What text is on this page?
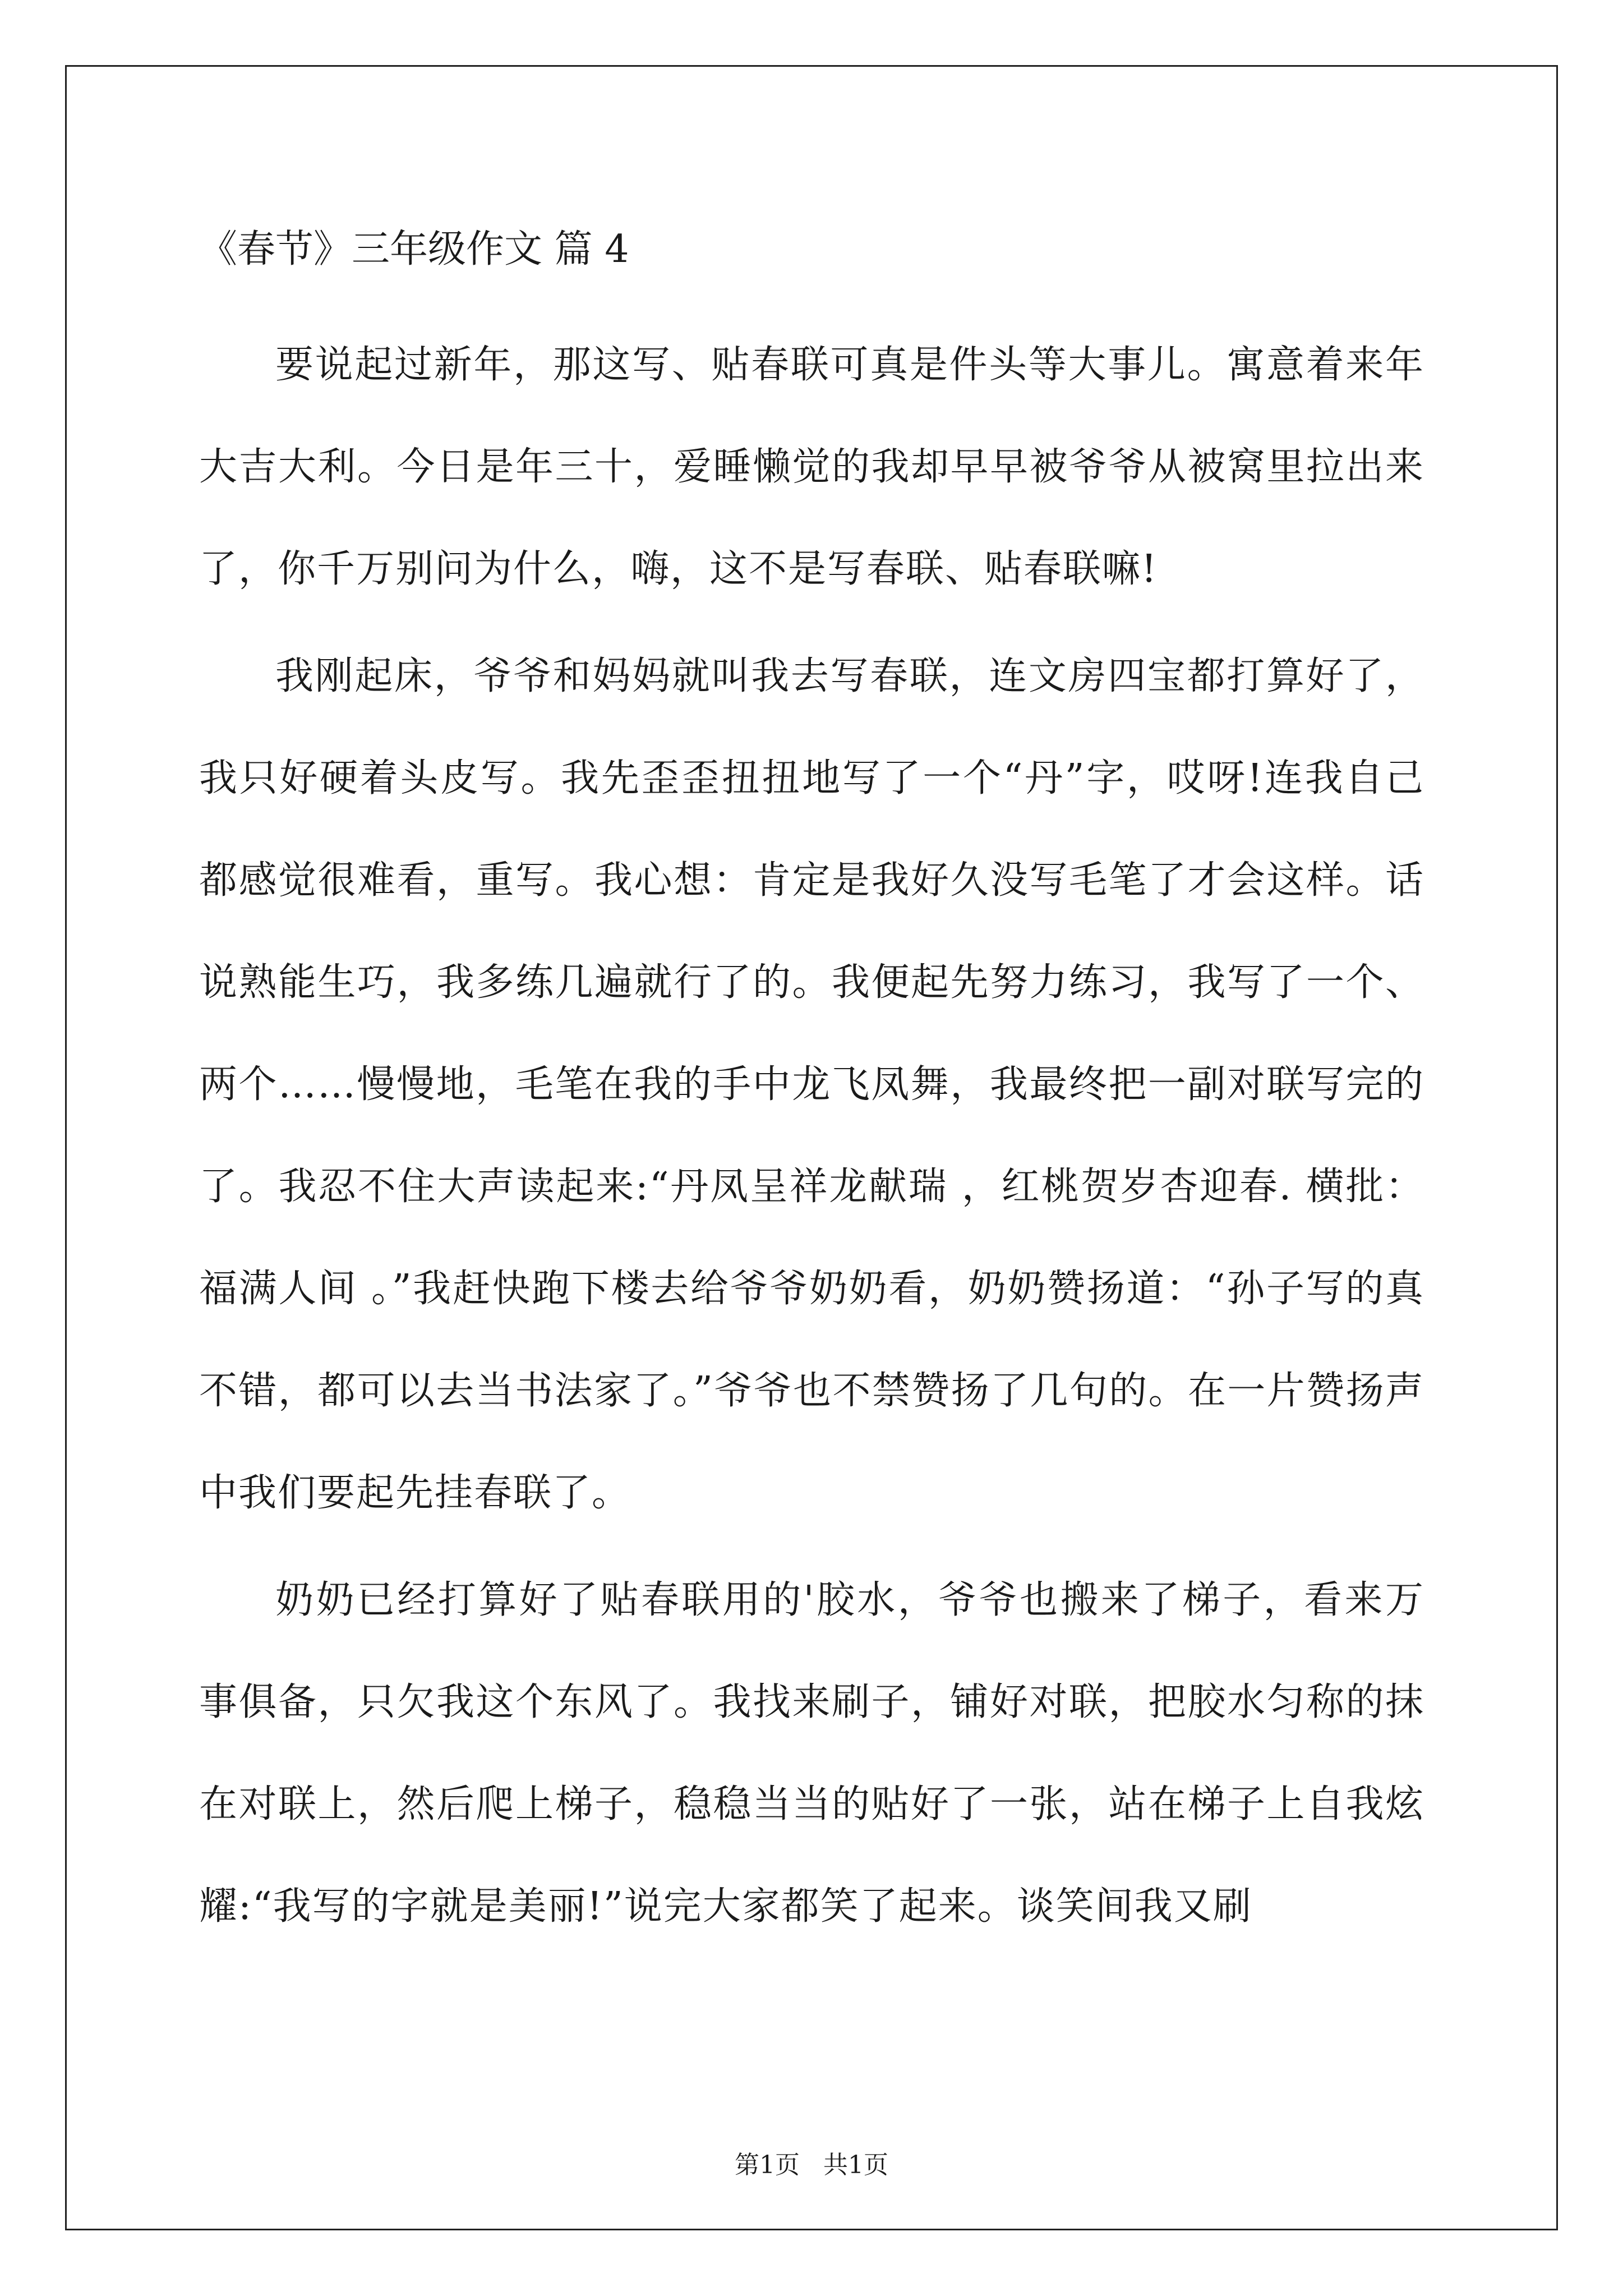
《春节》三年级作文 篇 4

要说起过新年，那这写、贴春联可真是件头等大事儿。寓意着来年大吉大利。今日是年三十，爱睡懒觉的我却早早被爷爷从被窝里拉出来了，你千万别问为什么，嗨，这不是写春联、贴春联嘛!

我刚起床，爷爷和妈妈就叫我去写春联，连文房四宝都打算好了，我只好硬着头皮写。我先歪歪扭扭地写了一个“丹”字，哎呀!连我自己都感觉很难看，重写。我心想：肯定是我好久没写毛笔了才会这样。话说熟能生巧，我多练几遍就行了的。我便起先努力练习，我写了一个、两个……慢慢地，毛笔在我的手中龙飞凤舞，我最终把一副对联写完的了。我忍不住大声读起来:“丹凤呈祥龙献瑞 ，红桃贺岁杏迎春. 横批：福满人间 。”我赶快跑下楼去给爷爷奶奶看，奶奶赞扬道：“孙子写的真不错，都可以去当书法家了。”爷爷也不禁赞扬了几句的。在一片赞扬声中我们要起先挂春联了。

奶奶已经打算好了贴春联用的'胶水，爷爷也搬来了梯子，看来万事俱备，只欠我这个东风了。我找来刷子，铺好对联，把胶水匀称的抹在对联上，然后爬上梯子，稳稳当当的贴好了一张，站在梯子上自我炫耀:“我写的字就是美丽!”说完大家都笑了起来。谈笑间我又刷

第1页   共1页
